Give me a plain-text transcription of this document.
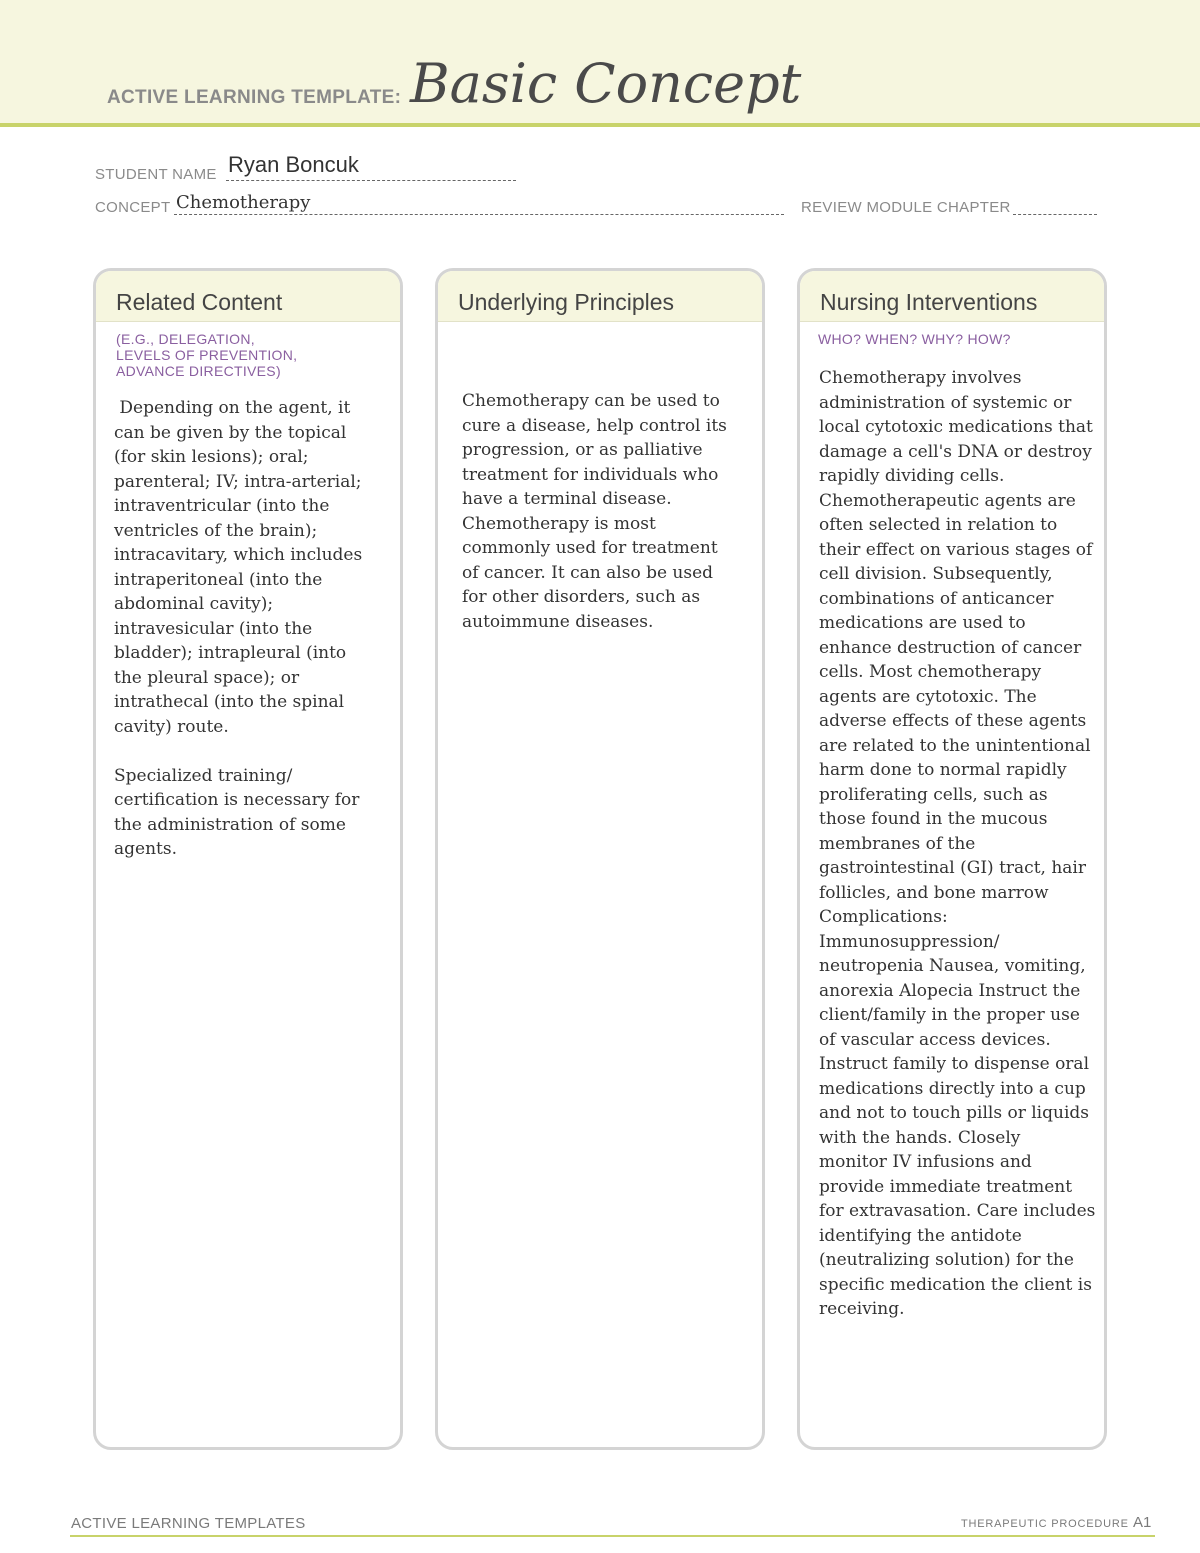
ACTIVE LEARNING TEMPLATE: Basic Concept
STUDENT NAME Ryan Boncuk
CONCEPT Chemotherapy	REVIEW MODULE CHAPTER
Related Content
(E.G., DELEGATION,
LEVELS OF PREVENTION,
ADVANCE DIRECTIVES)
Depending on the agent, it
can be given by the topical
(for skin lesions); oral;
parenteral; IV; intra-arterial;
intraventricular (into the
ventricles of the brain);
intracavitary, which includes
intraperitoneal (into the
abdominal cavity);
intravesicular (into the
bladder); intrapleural (into
the pleural space); or
intrathecal (into the spinal
cavity) route.

Specialized training/
certification is necessary for
the administration of some
agents.
Underlying Principles
Chemotherapy can be used to
cure a disease, help control its
progression, or as palliative
treatment for individuals who
have a terminal disease.
Chemotherapy is most
commonly used for treatment
of cancer. It can also be used
for other disorders, such as
autoimmune diseases.
Nursing Interventions
WHO? WHEN? WHY? HOW?
Chemotherapy involves
administration of systemic or
local cytotoxic medications that
damage a cell's DNA or destroy
rapidly dividing cells.
Chemotherapeutic agents are
often selected in relation to
their effect on various stages of
cell division. Subsequently,
combinations of anticancer
medications are used to
enhance destruction of cancer
cells. Most chemotherapy
agents are cytotoxic. The
adverse effects of these agents
are related to the unintentional
harm done to normal rapidly
proliferating cells, such as
those found in the mucous
membranes of the
gastrointestinal (GI) tract, hair
follicles, and bone marrow
Complications:
Immunosuppression/
neutropenia Nausea, vomiting,
anorexia Alopecia Instruct the
client/family in the proper use
of vascular access devices.
Instruct family to dispense oral
medications directly into a cup
and not to touch pills or liquids
with the hands. Closely
monitor IV infusions and
provide immediate treatment
for extravasation. Care includes
identifying the antidote
(neutralizing solution) for the
specific medication the client is
receiving.
ACTIVE LEARNING TEMPLATES	THERAPEUTIC PROCEDURE A1
